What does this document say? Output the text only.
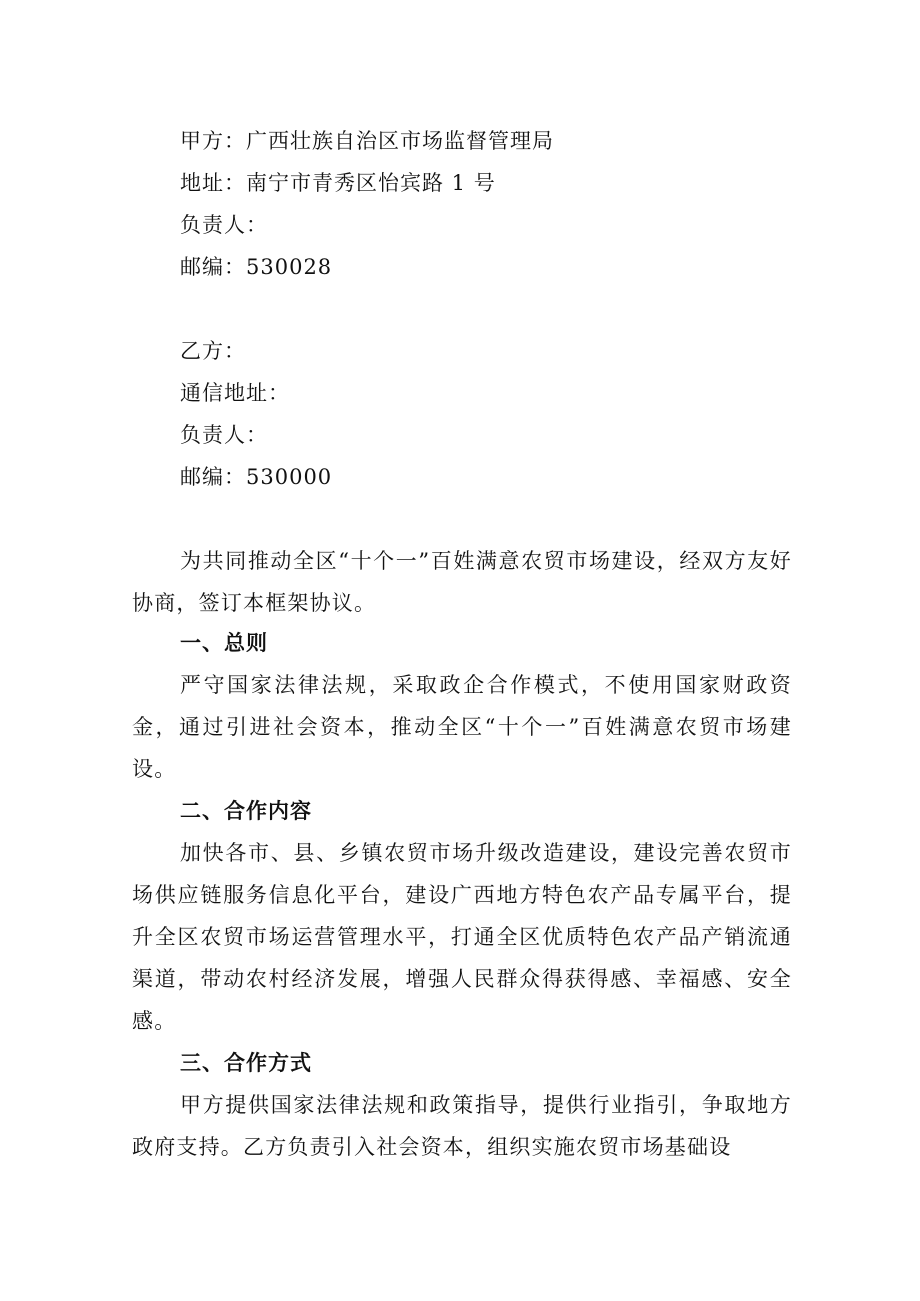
甲方：广西壮族自治区市场监督管理局
地址：南宁市青秀区怡宾路 1 号
负责人：
邮编：530028
乙方：
通信地址：
负责人：
邮编：530000

为共同推动全区“十个一”百姓满意农贸市场建设，经双方友好协商，签订本框架协议。

一、总则

严守国家法律法规，采取政企合作模式，不使用国家财政资金，通过引进社会资本，推动全区“十个一”百姓满意农贸市场建设。

二、合作内容

加快各市、县、乡镇农贸市场升级改造建设，建设完善农贸市场供应链服务信息化平台，建设广西地方特色农产品专属平台，提升全区农贸市场运营管理水平，打通全区优质特色农产品产销流通渠道，带动农村经济发展，增强人民群众得获得感、幸福感、安全感。

三、合作方式

甲方提供国家法律法规和政策指导，提供行业指引，争取地方政府支持。乙方负责引入社会资本，组织实施农贸市场基础设
